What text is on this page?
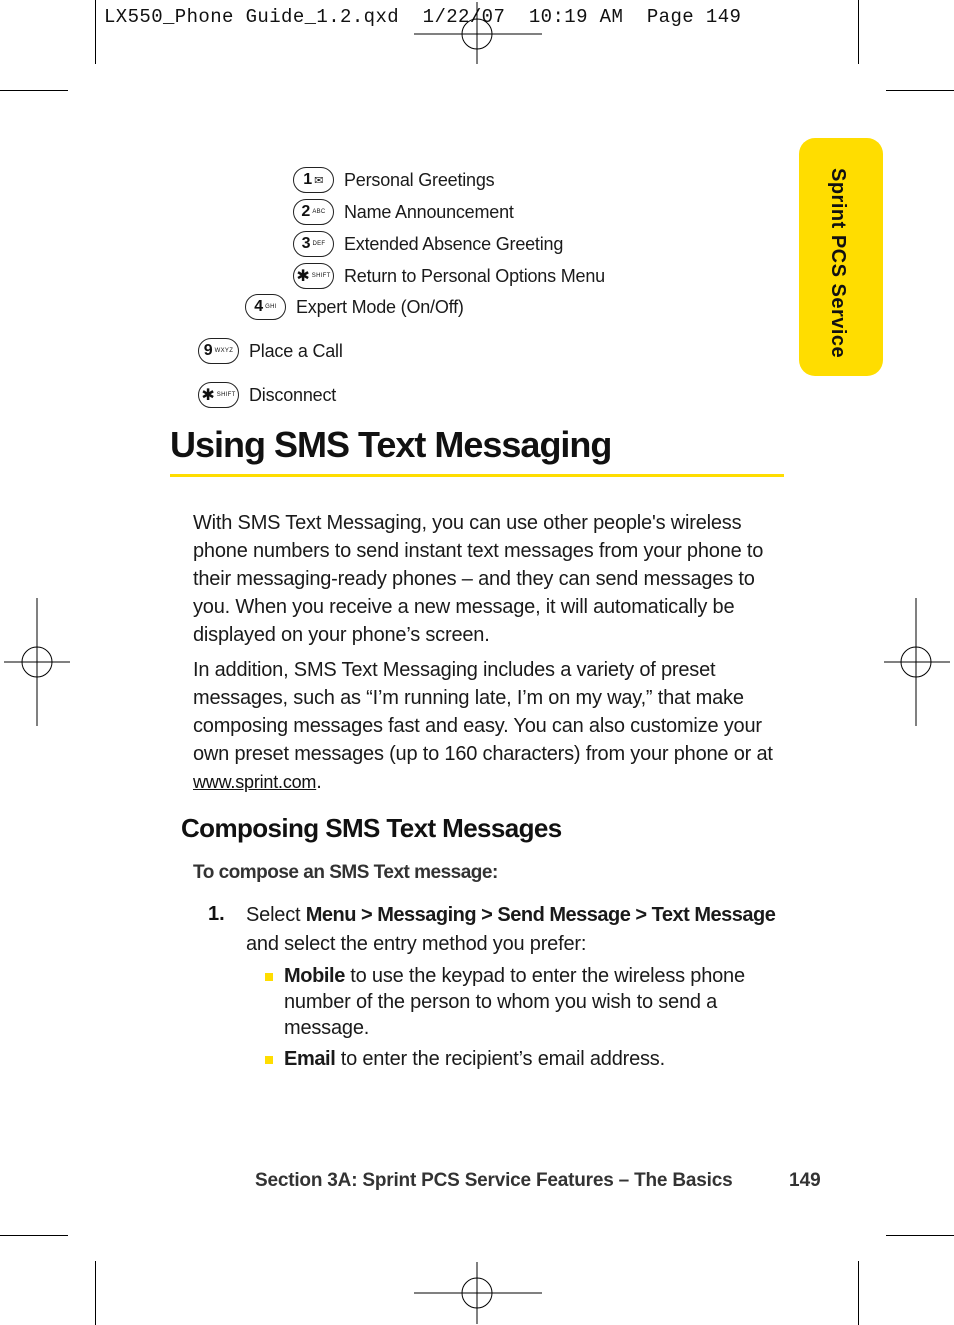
LX550_Phone Guide_1.2.qxd  1/22/07  10:19 AM  Page 149
Sprint PCS Service
1 ✉ Personal Greetings
2 ABC Name Announcement
3 DEF Extended Absence Greeting
✱ SHIFT Return to Personal Options Menu
4 GHI Expert Mode (On/Off)
9 WXYZ Place a Call
✱ SHIFT Disconnect
Using SMS Text Messaging
With SMS Text Messaging, you can use other people's wireless phone numbers to send instant text messages from your phone to their messaging-ready phones – and they can send messages to you. When you receive a new message, it will automatically be displayed on your phone’s screen.
In addition, SMS Text Messaging includes a variety of preset messages, such as “I’m running late, I’m on my way,” that make composing messages fast and easy. You can also customize your own preset messages (up to 160 characters) from your phone or at www.sprint.com.
Composing SMS Text Messages
To compose an SMS Text message:
1. Select Menu > Messaging > Send Message > Text Message and select the entry method you prefer:
Mobile to use the keypad to enter the wireless phone number of the person to whom you wish to send a message.
Email to enter the recipient’s email address.
Section 3A: Sprint PCS Service Features – The Basics	149
